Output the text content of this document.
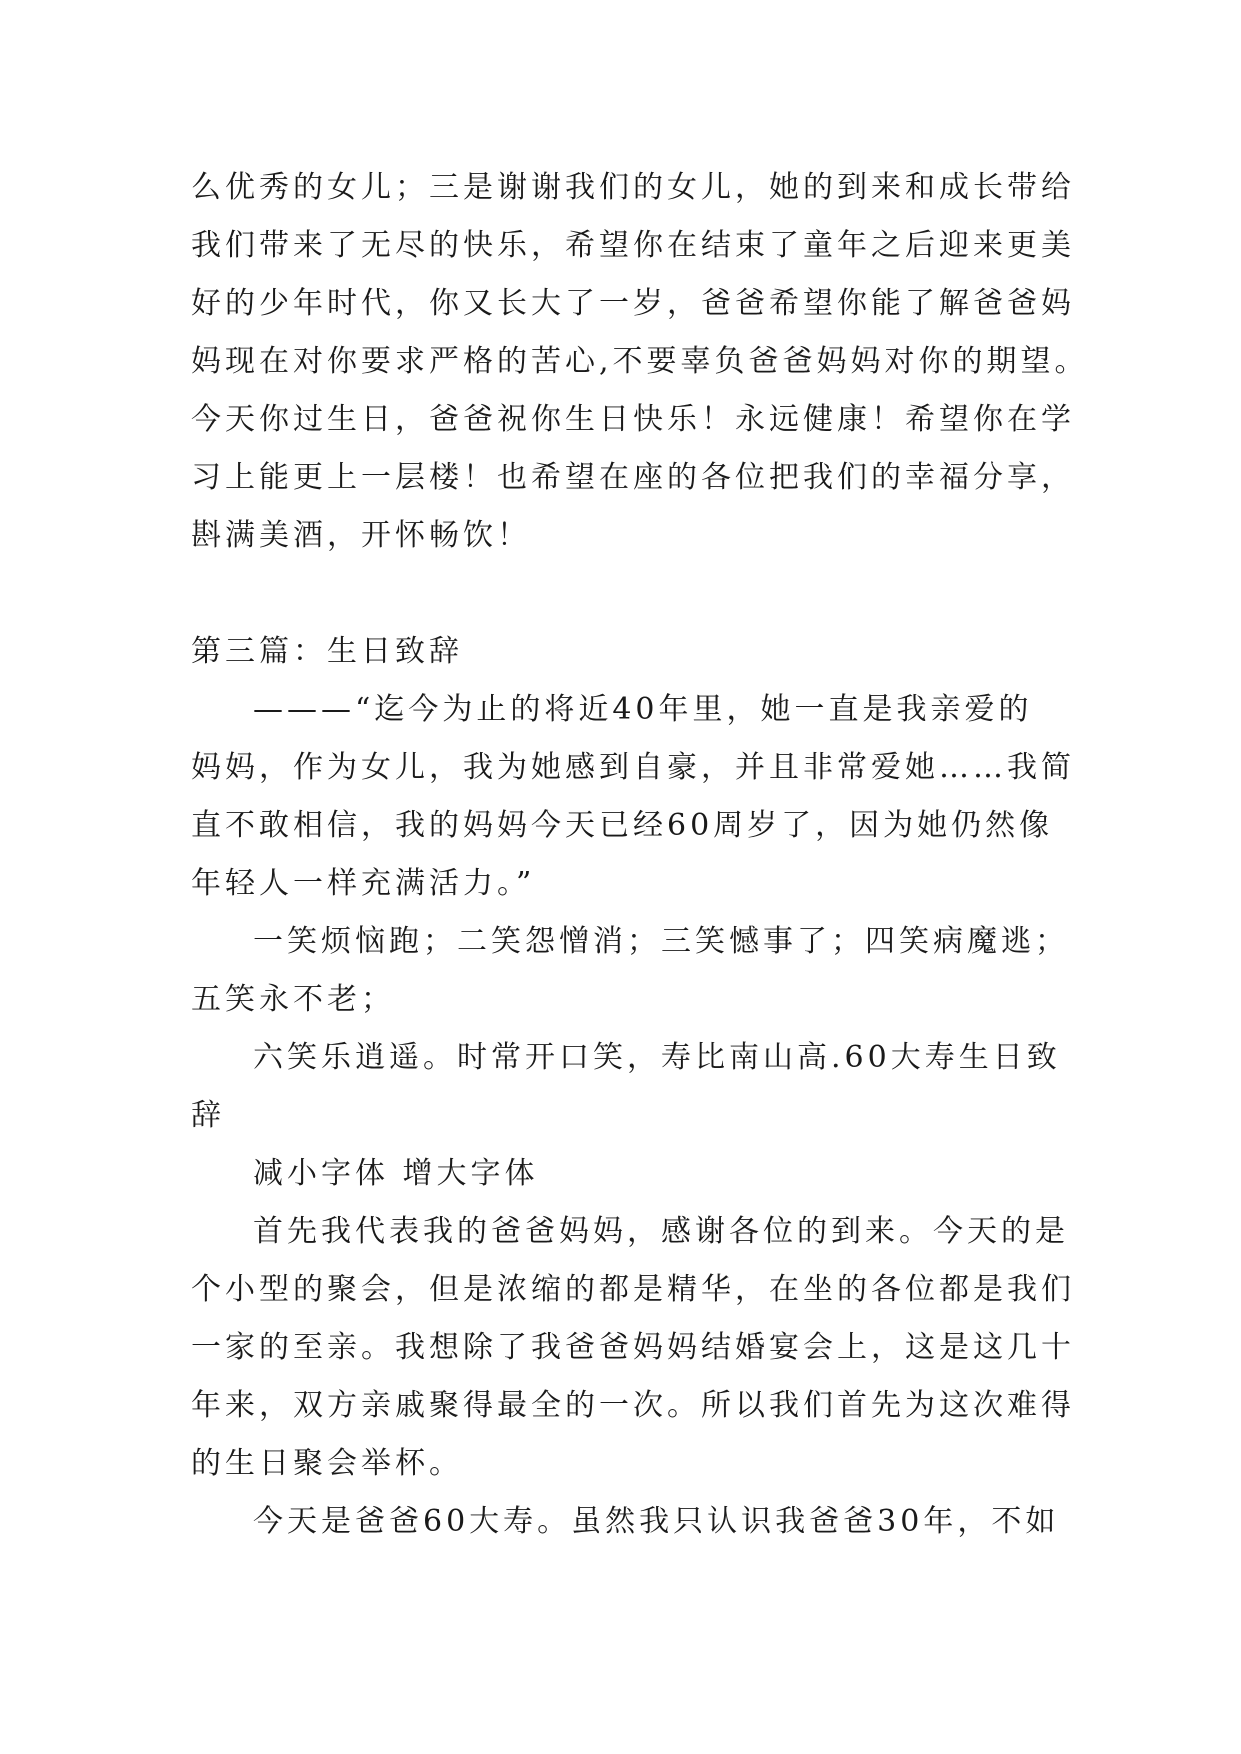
么优秀的女儿；三是谢谢我们的女儿，她的到来和成长带给
我们带来了无尽的快乐，希望你在结束了童年之后迎来更美
好的少年时代，你又长大了一岁，爸爸希望你能了解爸爸妈
妈现在对你要求严格的苦心,不要辜负爸爸妈妈对你的期望。
今天你过生日，爸爸祝你生日快乐！永远健康！希望你在学
习上能更上一层楼！也希望在座的各位把我们的幸福分享，
斟满美酒，开怀畅饮！
第三篇：生日致辞
———“迄今为止的将近40年里，她一直是我亲爱的
妈妈，作为女儿，我为她感到自豪，并且非常爱她……我简
直不敢相信，我的妈妈今天已经60周岁了，因为她仍然像
年轻人一样充满活力。”
一笑烦恼跑；二笑怨憎消；三笑憾事了；四笑病魔逃；
五笑永不老；
六笑乐逍遥。时常开口笑，寿比南山高.60大寿生日致
辞
减小字体 增大字体
首先我代表我的爸爸妈妈，感谢各位的到来。今天的是
个小型的聚会，但是浓缩的都是精华，在坐的各位都是我们
一家的至亲。我想除了我爸爸妈妈结婚宴会上，这是这几十
年来，双方亲戚聚得最全的一次。所以我们首先为这次难得
的生日聚会举杯。
今天是爸爸60大寿。虽然我只认识我爸爸30年，不如
